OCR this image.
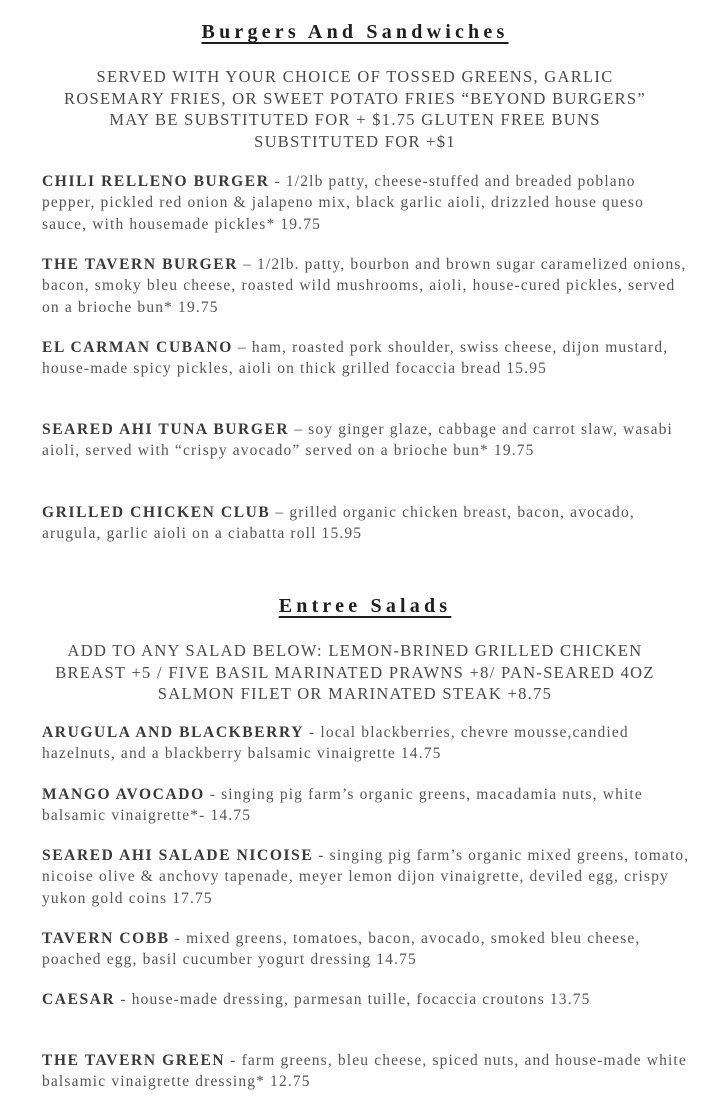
Burgers And Sandwiches

SERVED WITH YOUR CHOICE OF TOSSED GREENS, GARLIC ROSEMARY FRIES, OR SWEET POTATO FRIES “BEYOND BURGERS” MAY BE SUBSTITUTED FOR + $1.75 GLUTEN FREE BUNS SUBSTITUTED FOR +$1

CHILI RELLENO BURGER - 1/2lb patty, cheese-stuffed and breaded poblano pepper, pickled red onion & jalapeno mix, black garlic aioli, drizzled house queso sauce, with housemade pickles* 19.75

THE TAVERN BURGER – 1/2lb. patty, bourbon and brown sugar caramelized onions, bacon, smoky bleu cheese, roasted wild mushrooms, aioli, house-cured pickles, served on a brioche bun* 19.75

EL CARMAN CUBANO – ham, roasted pork shoulder, swiss cheese, dijon mustard, house-made spicy pickles, aioli on thick grilled focaccia bread 15.95

SEARED AHI TUNA BURGER – soy ginger glaze, cabbage and carrot slaw, wasabi aioli, served with “crispy avocado” served on a brioche bun* 19.75

GRILLED CHICKEN CLUB – grilled organic chicken breast, bacon, avocado, arugula, garlic aioli on a ciabatta roll 15.95

Entree Salads

ADD TO ANY SALAD BELOW: LEMON-BRINED GRILLED CHICKEN BREAST +5 / FIVE BASIL MARINATED PRAWNS +8/ PAN-SEARED 4OZ SALMON FILET OR MARINATED STEAK +8.75

ARUGULA AND BLACKBERRY - local blackberries, chevre mousse,candied hazelnuts, and a blackberry balsamic vinaigrette 14.75

MANGO AVOCADO - singing pig farm’s organic greens, macadamia nuts, white balsamic vinaigrette*- 14.75

SEARED AHI SALADE NICOISE - singing pig farm’s organic mixed greens, tomato, nicoise olive & anchovy tapenade, meyer lemon dijon vinaigrette, deviled egg, crispy yukon gold coins 17.75

TAVERN COBB - mixed greens, tomatoes, bacon, avocado, smoked bleu cheese, poached egg, basil cucumber yogurt dressing 14.75

CAESAR - house-made dressing, parmesan tuille, focaccia croutons 13.75

THE TAVERN GREEN - farm greens, bleu cheese, spiced nuts, and house-made white balsamic vinaigrette dressing* 12.75
